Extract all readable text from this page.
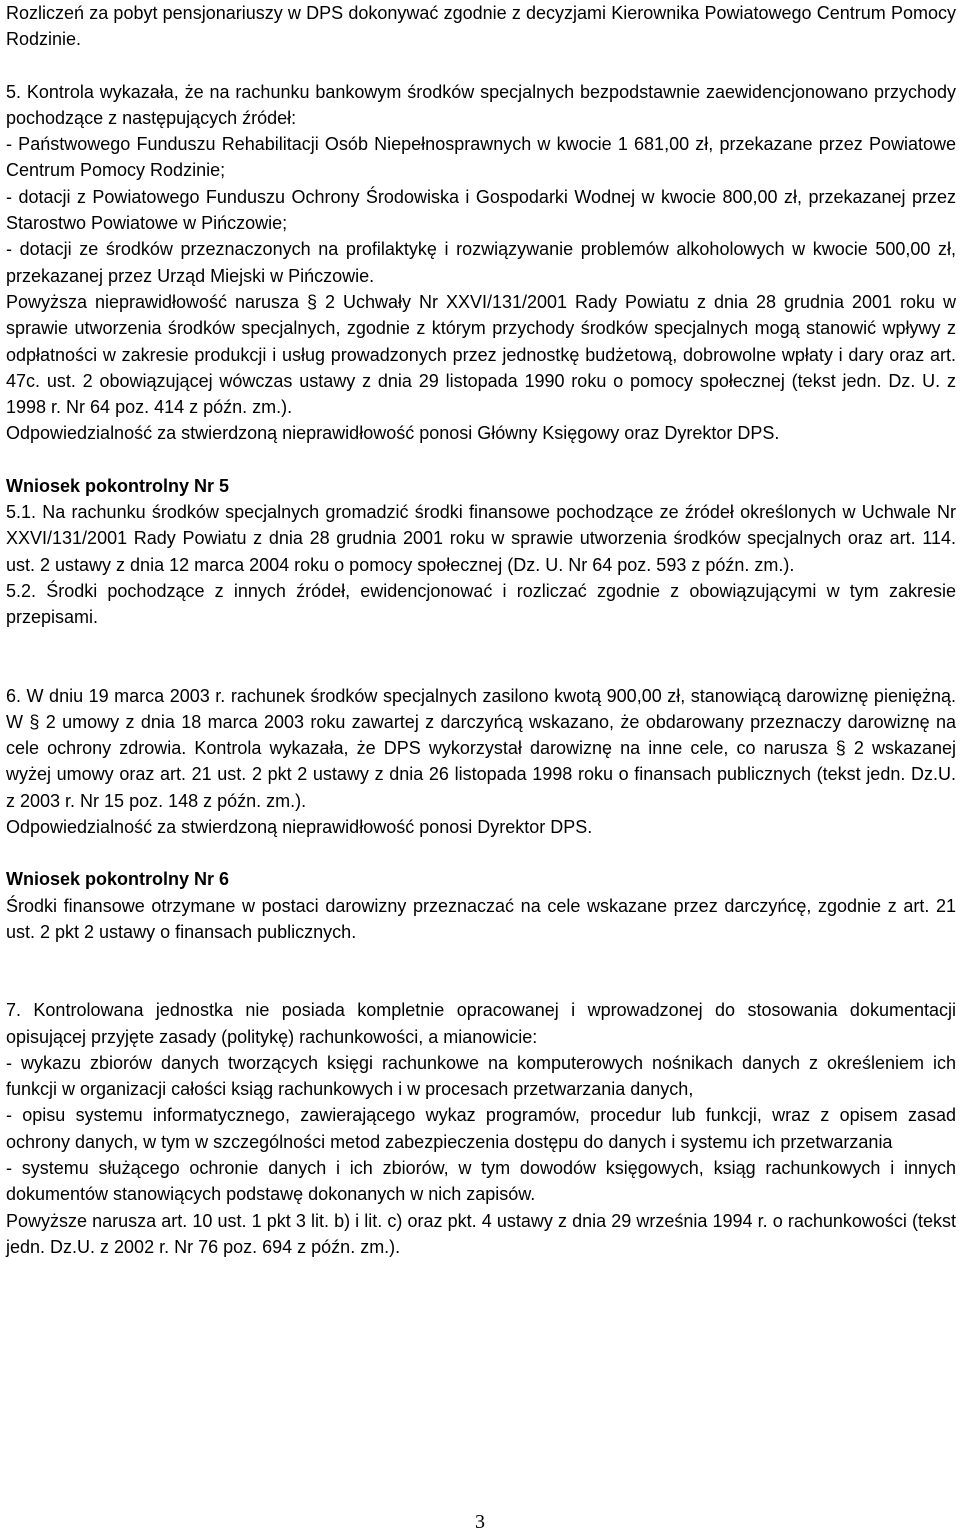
Rozliczeń za pobyt pensjonariuszy w DPS dokonywać zgodnie z decyzjami Kierownika Powiatowego Centrum Pomocy Rodzinie.

5. Kontrola wykazała, że na rachunku bankowym środków specjalnych bezpodstawnie zaewidencjonowano przychody pochodzące z następujących źródeł:

- Państwowego Funduszu Rehabilitacji Osób Niepełnosprawnych w kwocie 1 681,00 zł, przekazane przez Powiatowe Centrum Pomocy Rodzinie;

- dotacji z Powiatowego Funduszu Ochrony Środowiska i Gospodarki Wodnej w kwocie 800,00 zł, przekazanej przez Starostwo Powiatowe w Pińczowie;

- dotacji ze środków przeznaczonych na profilaktykę i rozwiązywanie problemów alkoholowych w kwocie 500,00 zł, przekazanej przez Urząd Miejski w Pińczowie.

Powyższa nieprawidłowość narusza § 2 Uchwały Nr XXVI/131/2001 Rady Powiatu z dnia 28 grudnia 2001 roku w sprawie utworzenia środków specjalnych, zgodnie z którym przychody środków specjalnych mogą stanowić wpływy z odpłatności w zakresie produkcji i usług prowadzonych przez jednostkę budżetową, dobrowolne wpłaty i dary oraz art. 47c. ust. 2 obowiązującej wówczas ustawy z dnia 29 listopada 1990 roku o pomocy społecznej (tekst jedn. Dz. U. z 1998 r. Nr 64 poz. 414 z późn. zm.).

Odpowiedzialność za stwierdzoną nieprawidłowość ponosi Główny Księgowy oraz Dyrektor DPS.

Wniosek pokontrolny Nr 5

5.1. Na rachunku środków specjalnych gromadzić środki finansowe pochodzące ze źródeł określonych w Uchwale Nr XXVI/131/2001 Rady Powiatu z dnia 28 grudnia 2001 roku w sprawie utworzenia środków specjalnych oraz art. 114. ust. 2 ustawy z dnia 12 marca 2004 roku o pomocy społecznej (Dz. U. Nr 64 poz. 593 z późn. zm.).

5.2. Środki pochodzące z innych źródeł, ewidencjonować i rozliczać zgodnie z obowiązującymi w tym zakresie przepisami.

6. W dniu 19 marca 2003 r. rachunek środków specjalnych zasilono kwotą 900,00 zł, stanowiącą darowiznę pieniężną. W § 2 umowy z dnia 18 marca 2003 roku zawartej z darczyńcą wskazano, że obdarowany przeznaczy darowiznę na cele ochrony zdrowia. Kontrola wykazała, że DPS wykorzystał darowiznę na inne cele, co narusza § 2 wskazanej wyżej umowy oraz art. 21 ust. 2 pkt 2 ustawy z dnia 26 listopada 1998 roku o finansach publicznych (tekst jedn. Dz.U. z 2003 r. Nr 15 poz. 148 z późn. zm.).

Odpowiedzialność za stwierdzoną nieprawidłowość ponosi Dyrektor DPS.

Wniosek pokontrolny Nr 6

Środki finansowe otrzymane w postaci darowizny przeznaczać na cele wskazane przez darczyńcę, zgodnie z art. 21 ust. 2 pkt 2 ustawy o finansach publicznych.

7. Kontrolowana jednostka nie posiada kompletnie opracowanej i wprowadzonej do stosowania dokumentacji opisującej przyjęte zasady (politykę) rachunkowości, a mianowicie:

- wykazu zbiorów danych tworzących księgi rachunkowe na komputerowych nośnikach danych z określeniem ich funkcji w organizacji całości ksiąg rachunkowych i w procesach przetwarzania danych,

- opisu systemu informatycznego, zawierającego wykaz programów, procedur lub funkcji, wraz z opisem zasad ochrony danych, w tym w szczególności metod zabezpieczenia dostępu do danych i systemu ich przetwarzania

- systemu służącego ochronie danych i ich zbiorów, w tym dowodów księgowych, ksiąg rachunkowych i innych dokumentów stanowiących podstawę dokonanych w nich zapisów.

Powyższe narusza art. 10 ust. 1 pkt 3 lit. b) i lit. c) oraz pkt. 4 ustawy z dnia 29 września 1994 r. o rachunkowości (tekst jedn. Dz.U. z 2002 r. Nr 76 poz. 694 z późn. zm.).

3
